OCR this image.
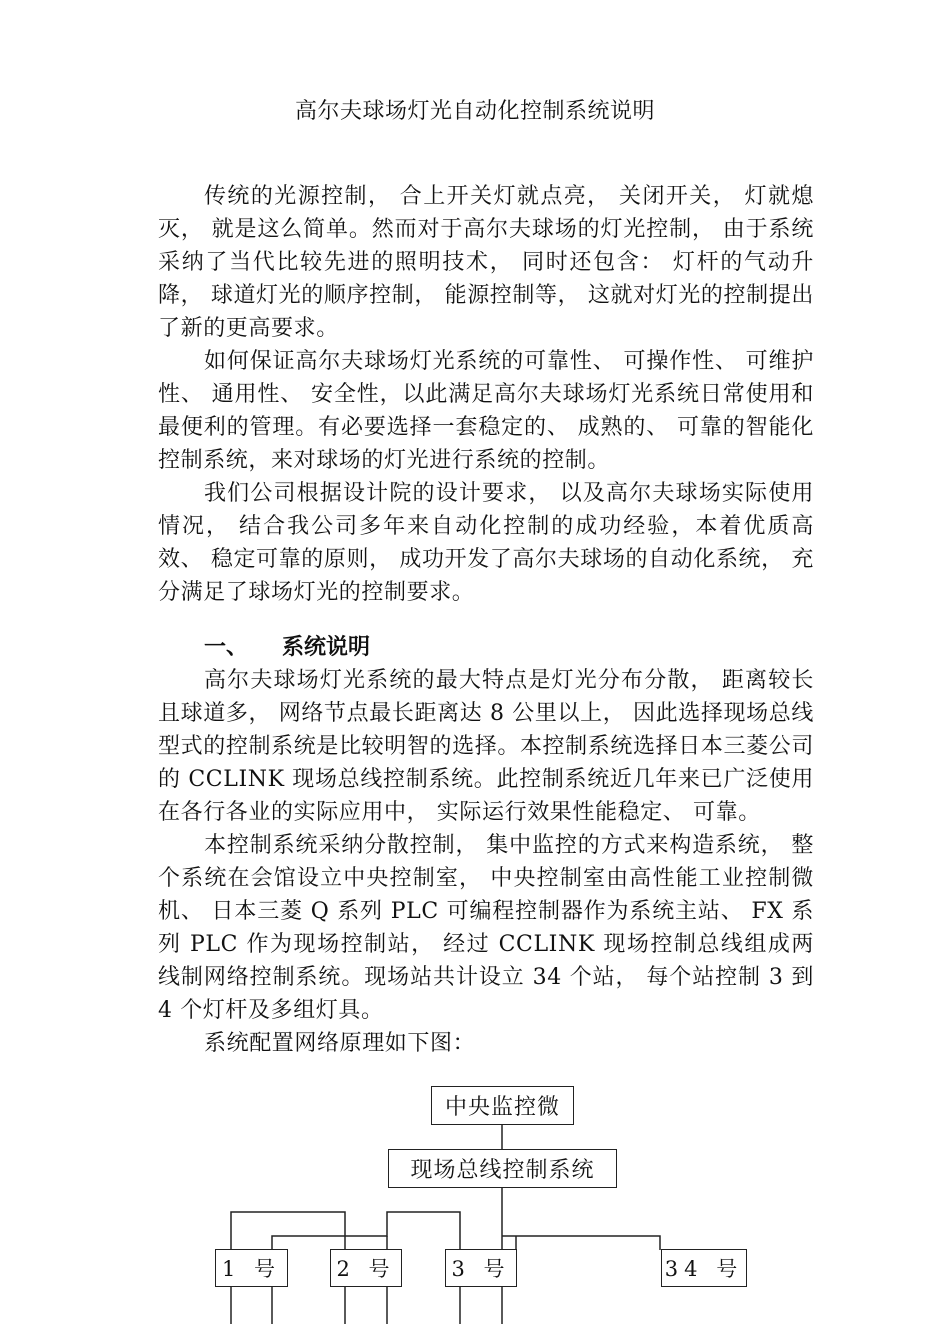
高尔夫球场灯光自动化控制系统说明

传统的光源控制， 合上开关灯就点亮， 关闭开关， 灯就熄灭， 就是这么简单。然而对于高尔夫球场的灯光控制， 由于系统采纳了当代比较先进的照明技术， 同时还包含： 灯杆的气动升降， 球道灯光的顺序控制， 能源控制等， 这就对灯光的控制提出了新的更高要求。

如何保证高尔夫球场灯光系统的可靠性、 可操作性、 可维护性、 通用性、 安全性，以此满足高尔夫球场灯光系统日常使用和最便利的管理。有必要选择一套稳定的、 成熟的、 可靠的智能化控制系统，来对球场的灯光进行系统的控制。

我们公司根据设计院的设计要求， 以及高尔夫球场实际使用情况， 结合我公司多年来自动化控制的成功经验，本着优质高效、 稳定可靠的原则， 成功开发了高尔夫球场的自动化系统， 充分满足了球场灯光的控制要求。

一、 系统说明

高尔夫球场灯光系统的最大特点是灯光分布分散， 距离较长且球道多， 网络节点最长距离达 8 公里以上， 因此选择现场总线型式的控制系统是比较明智的选择。本控制系统选择日本三菱公司的 CCLINK 现场总线控制系统。此控制系统近几年来已广泛使用在各行各业的实际应用中， 实际运行效果性能稳定、 可靠。

本控制系统采纳分散控制， 集中监控的方式来构造系统， 整个系统在会馆设立中央控制室， 中央控制室由高性能工业控制微机、 日本三菱 Q 系列 PLC 可编程控制器作为系统主站、 FX 系列 PLC 作为现场控制站， 经过 CCLINK 现场控制总线组成两线制网络控制系统。现场站共计设立 34 个站， 每个站控制 3 到 4 个灯杆及多组灯具。

系统配置网络原理如下图：

中央监控微
现场总线控制系统
1 号	2 号	3 号	34 号
